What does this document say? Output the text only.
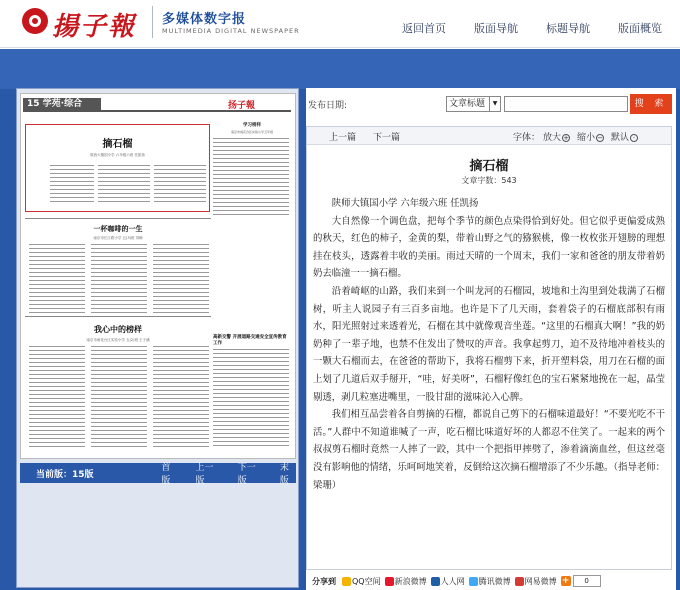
揚子報 多媒体数字报
MULTIMEDIA DIGITAL NEWSPAPER	返回首页	版面导航	标题导航	版面概览
15 学苑·综合	扬子報
摘石榴
陕西大镇国小学 六年级六班 任凯扬
学习榜样
南京市雨花台区实验小学五年级
一杯咖啡的一生
南京市长江路小学 五(3)班 刘畅
我心中的榜样
南京市雨花台区实验小学 五(2)班 王子涵	高新交警 开展道路交通安全宣传教育工作
当前版：15版
首版
上一版
下一版
末版
发布日期:	文章标题	▼	搜 索
上一篇 下一篇	字体： 放大 + 缩小 − 默认 ·
摘石榴
文章字数：543

陕师大镇国小学 六年级六班 任凯扬

大自然像一个调色盘，把每个季节的颜色点染得恰到好处。但它似乎更偏爱成熟的秋天，红色的柿子，金黄的梨，带着山野之气的猕猴桃，像一枚枚张开翅膀的理想挂在枝头，透露着丰收的美丽。雨过天晴的一个周末，我们一家和爸爸的朋友带着奶奶去临潼一一摘石榴。

沿着崎岖的山路，我们来到一个叫龙河的石榴园，坡地和土沟里到处栽满了石榴树，听主人说园子有三百多亩地。也许是下了几天雨，套着袋子的石榴底部积有雨水，阳光照射过来透着光，石榴在其中就像观音坐莲。“这里的石榴真大啊！”我的奶奶种了一辈子地，也禁不住发出了赞叹的声音。我拿起剪刀，迫不及待地冲着枝头的一颗大石榴而去，在爸爸的帮助下，我将石榴剪下来，折开塑料袋，用刀在石榴的面上划了几道后双手掰开，“哇，好美呀”，石榴籽像红色的宝石紧紧地挽在一起，晶莹剔透，剥几粒塞进嘴里，一股甘甜的滋味沁入心脾。

我们相互品尝着各自剪摘的石榴，都说自己剪下的石榴味道最好！“不要光吃不干活。”人群中不知道谁喊了一声，吃石榴比味道好坏的人都忍不住笑了。一起来的两个叔叔剪石榴时竟然一人摔了一跤，其中一个把指甲摔劈了，渗着滴滴血丝，但这丝毫没有影响他的情绪，乐呵呵地笑着，反倒给这次摘石榴增添了不少乐趣。（指导老师：梁珊）

分享到 QQ空间 新浪微博 人人网 腾讯微博 网易微博 +	0
